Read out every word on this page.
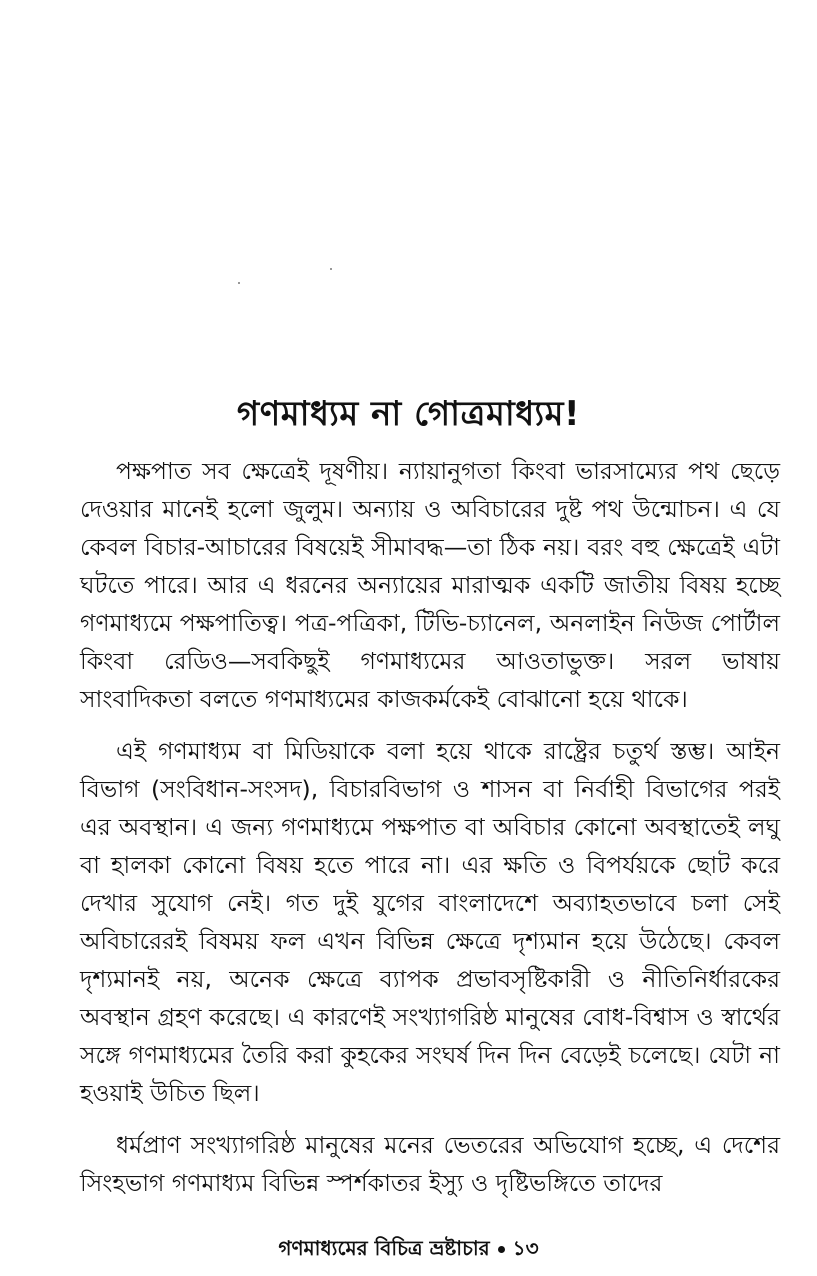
গণমাধ্যম না গোত্রমাধ্যম!

পক্ষপাত সব ক্ষেত্রেই দূষণীয়। ন্যায়ানুগতা কিংবা ভারসাম্যের পথ ছেড়ে দেওয়ার মানেই হলো জুলুম। অন্যায় ও অবিচারের দুষ্ট পথ উন্মোচন। এ যে কেবল বিচার-আচারের বিষয়েই সীমাবদ্ধ—তা ঠিক নয়। বরং বহু ক্ষেত্রেই এটা ঘটতে পারে। আর এ ধরনের অন্যায়ের মারাত্মক একটি জাতীয় বিষয় হচ্ছে গণমাধ্যমে পক্ষপাতিত্ব। পত্র-পত্রিকা, টিভি-চ্যানেল, অনলাইন নিউজ পোর্টাল কিংবা রেডিও—সবকিছুই গণমাধ্যমের আওতাভুক্ত। সরল ভাষায় সাংবাদিকতা বলতে গণমাধ্যমের কাজকর্মকেই বোঝানো হয়ে থাকে।

এই গণমাধ্যম বা মিডিয়াকে বলা হয়ে থাকে রাষ্ট্রের চতুর্থ স্তম্ভ। আইন বিভাগ (সংবিধান-সংসদ), বিচারবিভাগ ও শাসন বা নির্বাহী বিভাগের পরই এর অবস্থান। এ জন্য গণমাধ্যমে পক্ষপাত বা অবিচার কোনো অবস্থাতেই লঘু বা হালকা কোনো বিষয় হতে পারে না। এর ক্ষতি ও বিপর্যয়কে ছোট করে দেখার সুযোগ নেই। গত দুই যুগের বাংলাদেশে অব্যাহতভাবে চলা সেই অবিচারেরই বিষময় ফল এখন বিভিন্ন ক্ষেত্রে দৃশ্যমান হয়ে উঠেছে। কেবল দৃশ্যমানই নয়, অনেক ক্ষেত্রে ব্যাপক প্রভাবসৃষ্টিকারী ও নীতিনির্ধারকের অবস্থান গ্রহণ করেছে। এ কারণেই সংখ্যাগরিষ্ঠ মানুষের বোধ-বিশ্বাস ও স্বার্থের সঙ্গে গণমাধ্যমের তৈরি করা কুহকের সংঘর্ষ দিন দিন বেড়েই চলেছে। যেটা না হওয়াই উচিত ছিল।

ধর্মপ্রাণ সংখ্যাগরিষ্ঠ মানুষের মনের ভেতরের অভিযোগ হচ্ছে, এ দেশের সিংহভাগ গণমাধ্যম বিভিন্ন স্পর্শকাতর ইস্যু ও দৃষ্টিভঙ্গিতে তাদের

গণমাধ্যমের বিচিত্র ভ্রষ্টাচার ১৩
